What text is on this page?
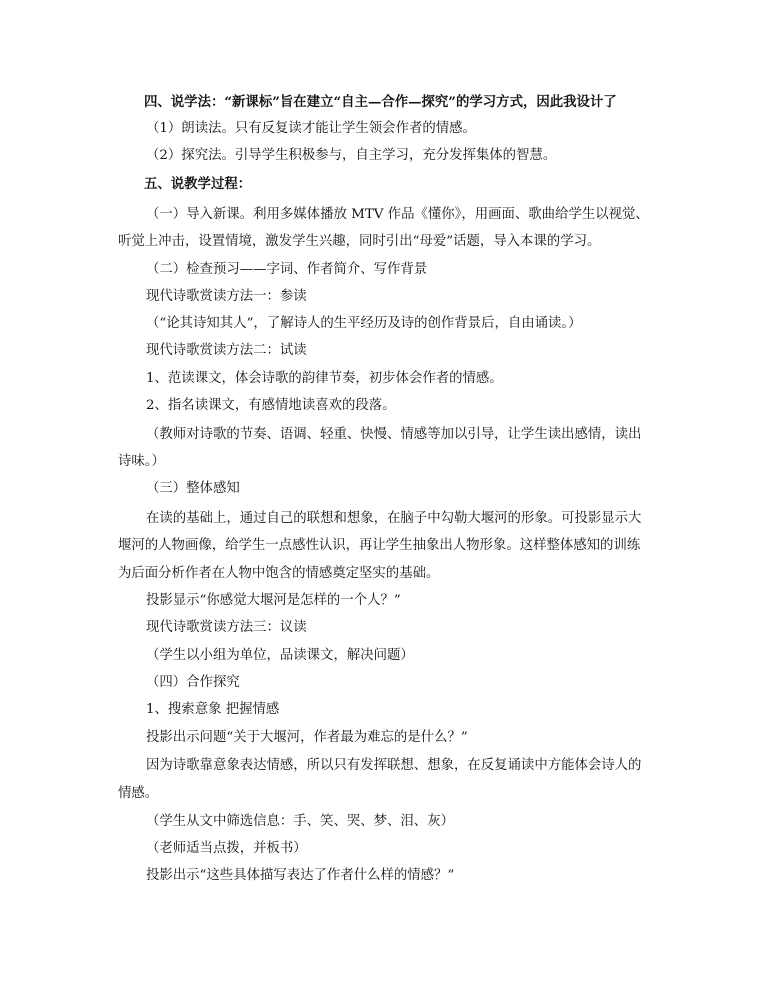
四、说学法：“新课标”旨在建立“自主—合作—探究”的学习方式，因此我设计了

（1）朗读法。只有反复读才能让学生领会作者的情感。

（2）探究法。引导学生积极参与，自主学习，充分发挥集体的智慧。

五、说教学过程：

（一）导入新课。利用多媒体播放 MTV 作品《懂你》，用画面、歌曲给学生以视觉、

听觉上冲击，设置情境，激发学生兴趣，同时引出“母爱”话题，导入本课的学习。

（二）检查预习——字词、作者简介、写作背景

现代诗歌赏读方法一：参读

（“论其诗知其人”，了解诗人的生平经历及诗的创作背景后，自由诵读。）

现代诗歌赏读方法二：试读

1、范读课文，体会诗歌的韵律节奏，初步体会作者的情感。

2、指名读课文，有感情地读喜欢的段落。

（教师对诗歌的节奏、语调、轻重、快慢、情感等加以引导，让学生读出感情，读出

诗味。）

（三）整体感知

在读的基础上，通过自己的联想和想象，在脑子中勾勒大堰河的形象。可投影显示大

堰河的人物画像，给学生一点感性认识，再让学生抽象出人物形象。这样整体感知的训练

为后面分析作者在人物中饱含的情感奠定坚实的基础。

投影显示“你感觉大堰河是怎样的一个人？”

现代诗歌赏读方法三：议读

（学生以小组为单位，品读课文，解决问题）

（四）合作探究

1、搜索意象 把握情感

投影出示问题“关于大堰河，作者最为难忘的是什么？”

因为诗歌靠意象表达情感，所以只有发挥联想、想象，在反复诵读中方能体会诗人的

情感。

（学生从文中筛选信息：手、笑、哭、梦、泪、灰）

（老师适当点拨，并板书）

投影出示“这些具体描写表达了作者什么样的情感？”
